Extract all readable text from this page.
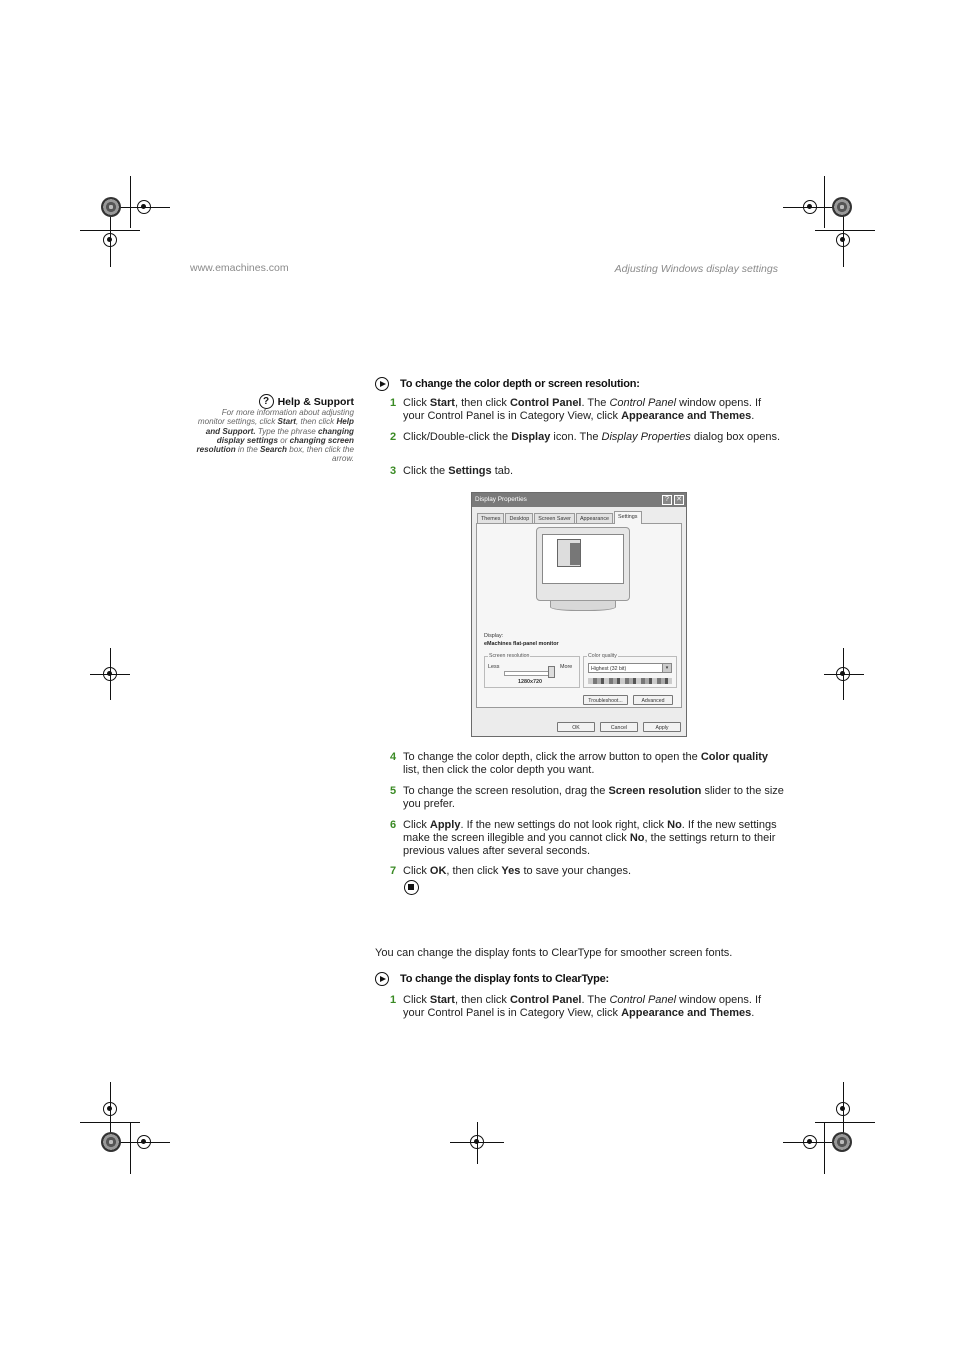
www.emachines.com	Adjusting Windows display settings
? Help & Support
For more information about adjusting monitor settings, click Start, then click Help and Support. Type the phrase changing display settings or changing screen resolution in the Search box, then click the arrow.
To change the color depth or screen resolution:
1 Click Start, then click Control Panel. The Control Panel window opens. If your Control Panel is in Category View, click Appearance and Themes.
2 Click/Double-click the Display icon. The Display Properties dialog box opens.
3 Click the Settings tab.
Display Properties	?	✕
Themes	Desktop	Screen Saver	Appearance	Settings
Display:
eMachines flat-panel monitor
Screen resolution
Less	More
1280x720
Color quality
Highest (32 bit)	▾
Troubleshoot...	Advanced
OK	Cancel	Apply
4 To change the color depth, click the arrow button to open the Color quality list, then click the color depth you want.
5 To change the screen resolution, drag the Screen resolution slider to the size you prefer.
6 Click Apply. If the new settings do not look right, click No. If the new settings make the screen illegible and you cannot click No, the settings return to their previous values after several seconds.
7 Click OK, then click Yes to save your changes.
You can change the display fonts to ClearType for smoother screen fonts.
To change the display fonts to ClearType:
1 Click Start, then click Control Panel. The Control Panel window opens. If your Control Panel is in Category View, click Appearance and Themes.
